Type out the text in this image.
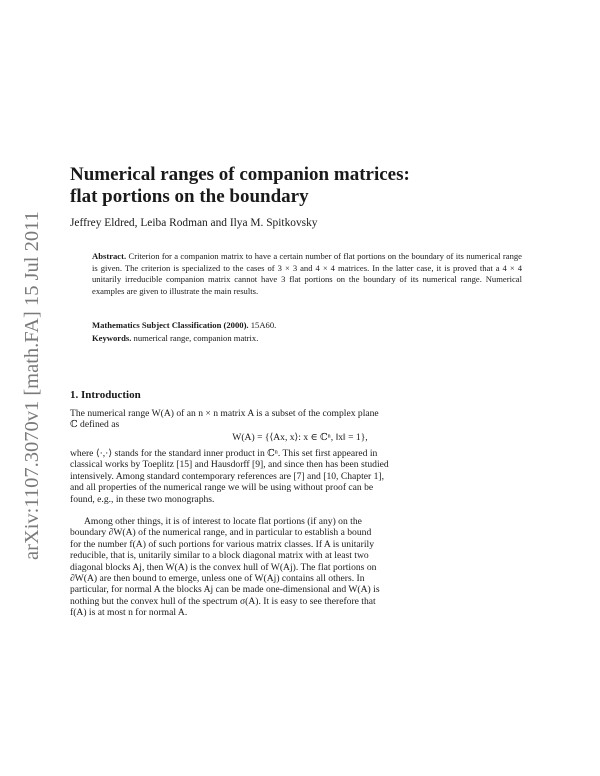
arXiv:1107.3070v1 [math.FA] 15 Jul 2011
Numerical ranges of companion matrices:
flat portions on the boundary
Jeffrey Eldred, Leiba Rodman and Ilya M. Spitkovsky
Abstract. Criterion for a companion matrix to have a certain number of flat portions on the boundary of its numerical range is given. The criterion is specialized to the cases of 3 × 3 and 4 × 4 matrices. In the latter case, it is proved that a 4 × 4 unitarily irreducible companion matrix cannot have 3 flat portions on the boundary of its numerical range. Numerical examples are given to illustrate the main results.
Mathematics Subject Classification (2000). 15A60.
Keywords. numerical range, companion matrix.
1. Introduction
The numerical range W(A) of an n × n matrix A is a subset of the complex plane
ℂ defined as
W(A) = {⟨Ax, x⟩: x ∈ ℂⁿ, ‖x‖ = 1},
where ⟨·,·⟩ stands for the standard inner product in ℂⁿ. This set first appeared in
classical works by Toeplitz [15] and Hausdorff [9], and since then has been studied
intensively. Among standard contemporary references are [7] and [10, Chapter 1],
and all properties of the numerical range we will be using without proof can be
found, e.g., in these two monographs.
Among other things, it is of interest to locate flat portions (if any) on the
boundary ∂W(A) of the numerical range, and in particular to establish a bound
for the number f(A) of such portions for various matrix classes. If A is unitarily
reducible, that is, unitarily similar to a block diagonal matrix with at least two
diagonal blocks Aj, then W(A) is the convex hull of W(Aj). The flat portions on
∂W(A) are then bound to emerge, unless one of W(Aj) contains all others. In
particular, for normal A the blocks Aj can be made one-dimensional and W(A) is
nothing but the convex hull of the spectrum σ(A). It is easy to see therefore that
f(A) is at most n for normal A.
